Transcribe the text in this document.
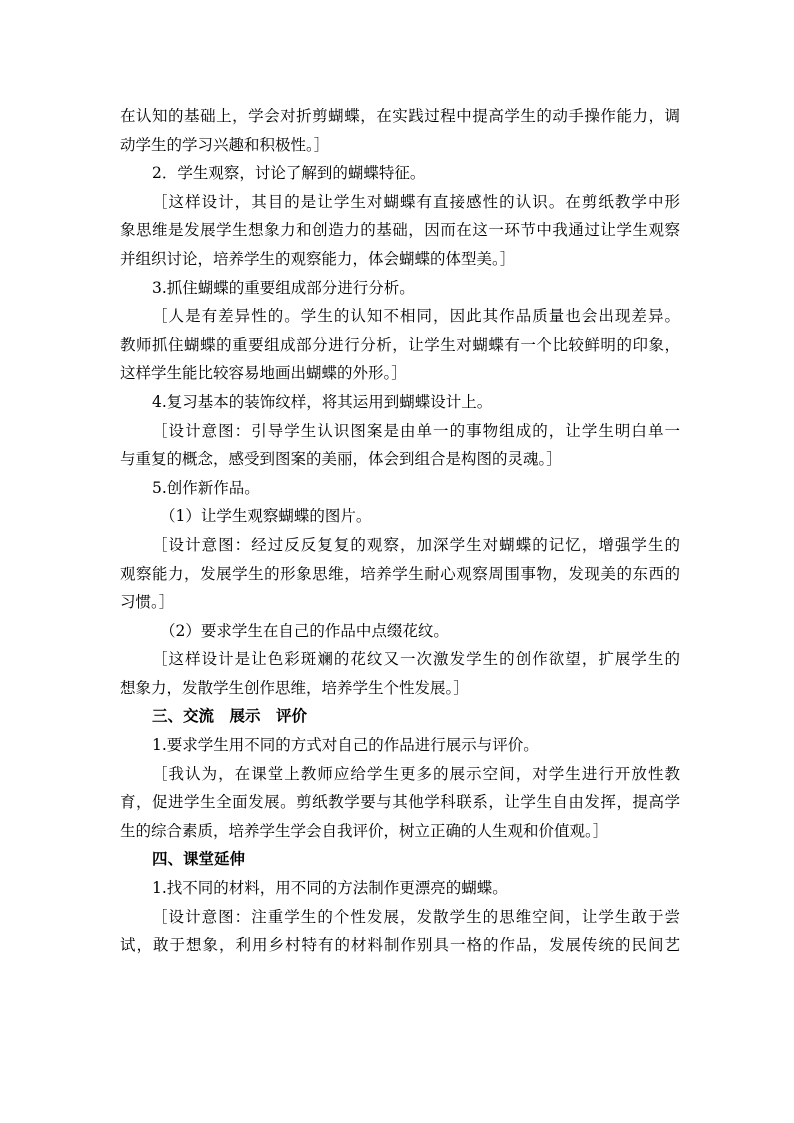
在认知的基础上，学会对折剪蝴蝶，在实践过程中提高学生的动手操作能力，调
动学生的学习兴趣和积极性。］
2．学生观察，讨论了解到的蝴蝶特征。
［这样设计，其目的是让学生对蝴蝶有直接感性的认识。在剪纸教学中形
象思维是发展学生想象力和创造力的基础，因而在这一环节中我通过让学生观察
并组织讨论，培养学生的观察能力，体会蝴蝶的体型美。］
3.抓住蝴蝶的重要组成部分进行分析。
［人是有差异性的。学生的认知不相同，因此其作品质量也会出现差异。
教师抓住蝴蝶的重要组成部分进行分析，让学生对蝴蝶有一个比较鲜明的印象，
这样学生能比较容易地画出蝴蝶的外形。］
4.复习基本的装饰纹样，将其运用到蝴蝶设计上。
［设计意图：引导学生认识图案是由单一的事物组成的，让学生明白单一
与重复的概念，感受到图案的美丽，体会到组合是构图的灵魂。］
5.创作新作品。
（1）让学生观察蝴蝶的图片。
［设计意图：经过反反复复的观察，加深学生对蝴蝶的记忆，增强学生的
观察能力，发展学生的形象思维，培养学生耐心观察周围事物，发现美的东西的
习惯。］
（2）要求学生在自己的作品中点缀花纹。
［这样设计是让色彩斑斓的花纹又一次激发学生的创作欲望，扩展学生的
想象力，发散学生创作思维，培养学生个性发展。］
三、交流　展示　评价
1.要求学生用不同的方式对自己的作品进行展示与评价。
［我认为，在课堂上教师应给学生更多的展示空间，对学生进行开放性教
育，促进学生全面发展。剪纸教学要与其他学科联系，让学生自由发挥，提高学
生的综合素质，培养学生学会自我评价，树立正确的人生观和价值观。］
四、课堂延伸
1.找不同的材料，用不同的方法制作更漂亮的蝴蝶。
［设计意图：注重学生的个性发展，发散学生的思维空间，让学生敢于尝
试，敢于想象，利用乡村特有的材料制作别具一格的作品，发展传统的民间艺
